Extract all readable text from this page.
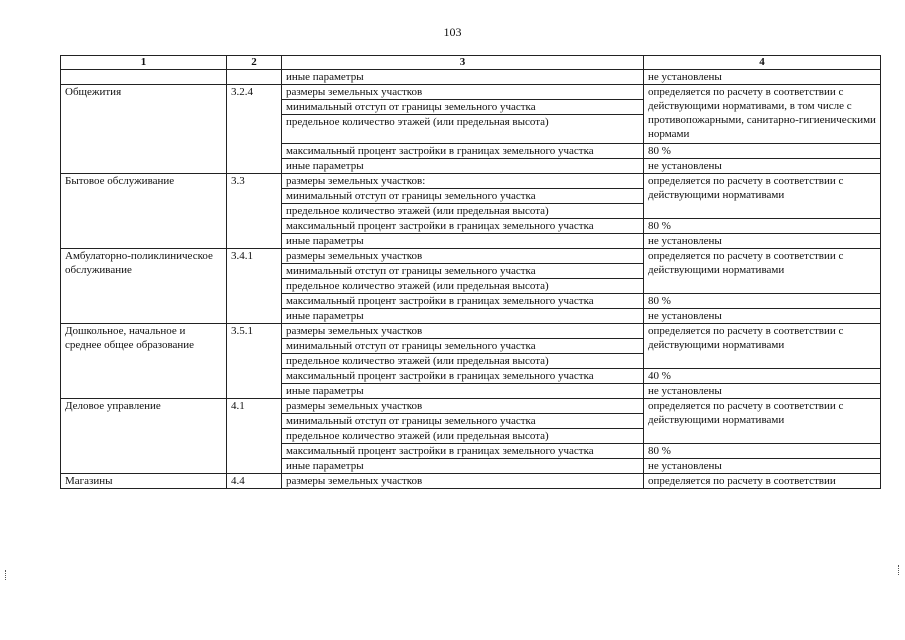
103
1	2	3	4
		иные параметры	не установлены
Общежития	3.2.4	размеры земельных участков	определяется по расчету в соответствии с действующими нормативами, в том числе с противопожарными, санитарно-гигиеническими нормами
		минимальный отступ от границы земельного участка	
		предельное количество этажей (или предельная высота)	
		максимальный процент застройки в границах земельного участка	80 %
		иные параметры	не установлены
Бытовое обслуживание	3.3	размеры земельных участков:	определяется по расчету в соответствии с действующими нормативами
		минимальный отступ от границы земельного участка	
		предельное количество этажей (или предельная высота)	
		максимальный процент застройки в границах земельного участка	80 %
		иные параметры	не установлены
Амбулаторно-поликлиническое обслуживание	3.4.1	размеры земельных участков	определяется по расчету в соответствии с действующими нормативами
		минимальный отступ от границы земельного участка	
		предельное количество этажей (или предельная высота)	
		максимальный процент застройки в границах земельного участка	80 %
		иные параметры	не установлены
Дошкольное, начальное и среднее общее образование	3.5.1	размеры земельных участков	определяется по расчету в соответствии с действующими нормативами
		минимальный отступ от границы земельного участка	
		предельное количество этажей (или предельная высота)	
		максимальный процент застройки в границах земельного участка	40 %
		иные параметры	не установлены
Деловое управление	4.1	размеры земельных участков	определяется по расчету в соответствии с действующими нормативами
		минимальный отступ от границы земельного участка	
		предельное количество этажей (или предельная высота)	
		максимальный процент застройки в границах земельного участка	80 %
		иные параметры	не установлены
Магазины	4.4	размеры земельных участков	определяется по расчету в соответствии
